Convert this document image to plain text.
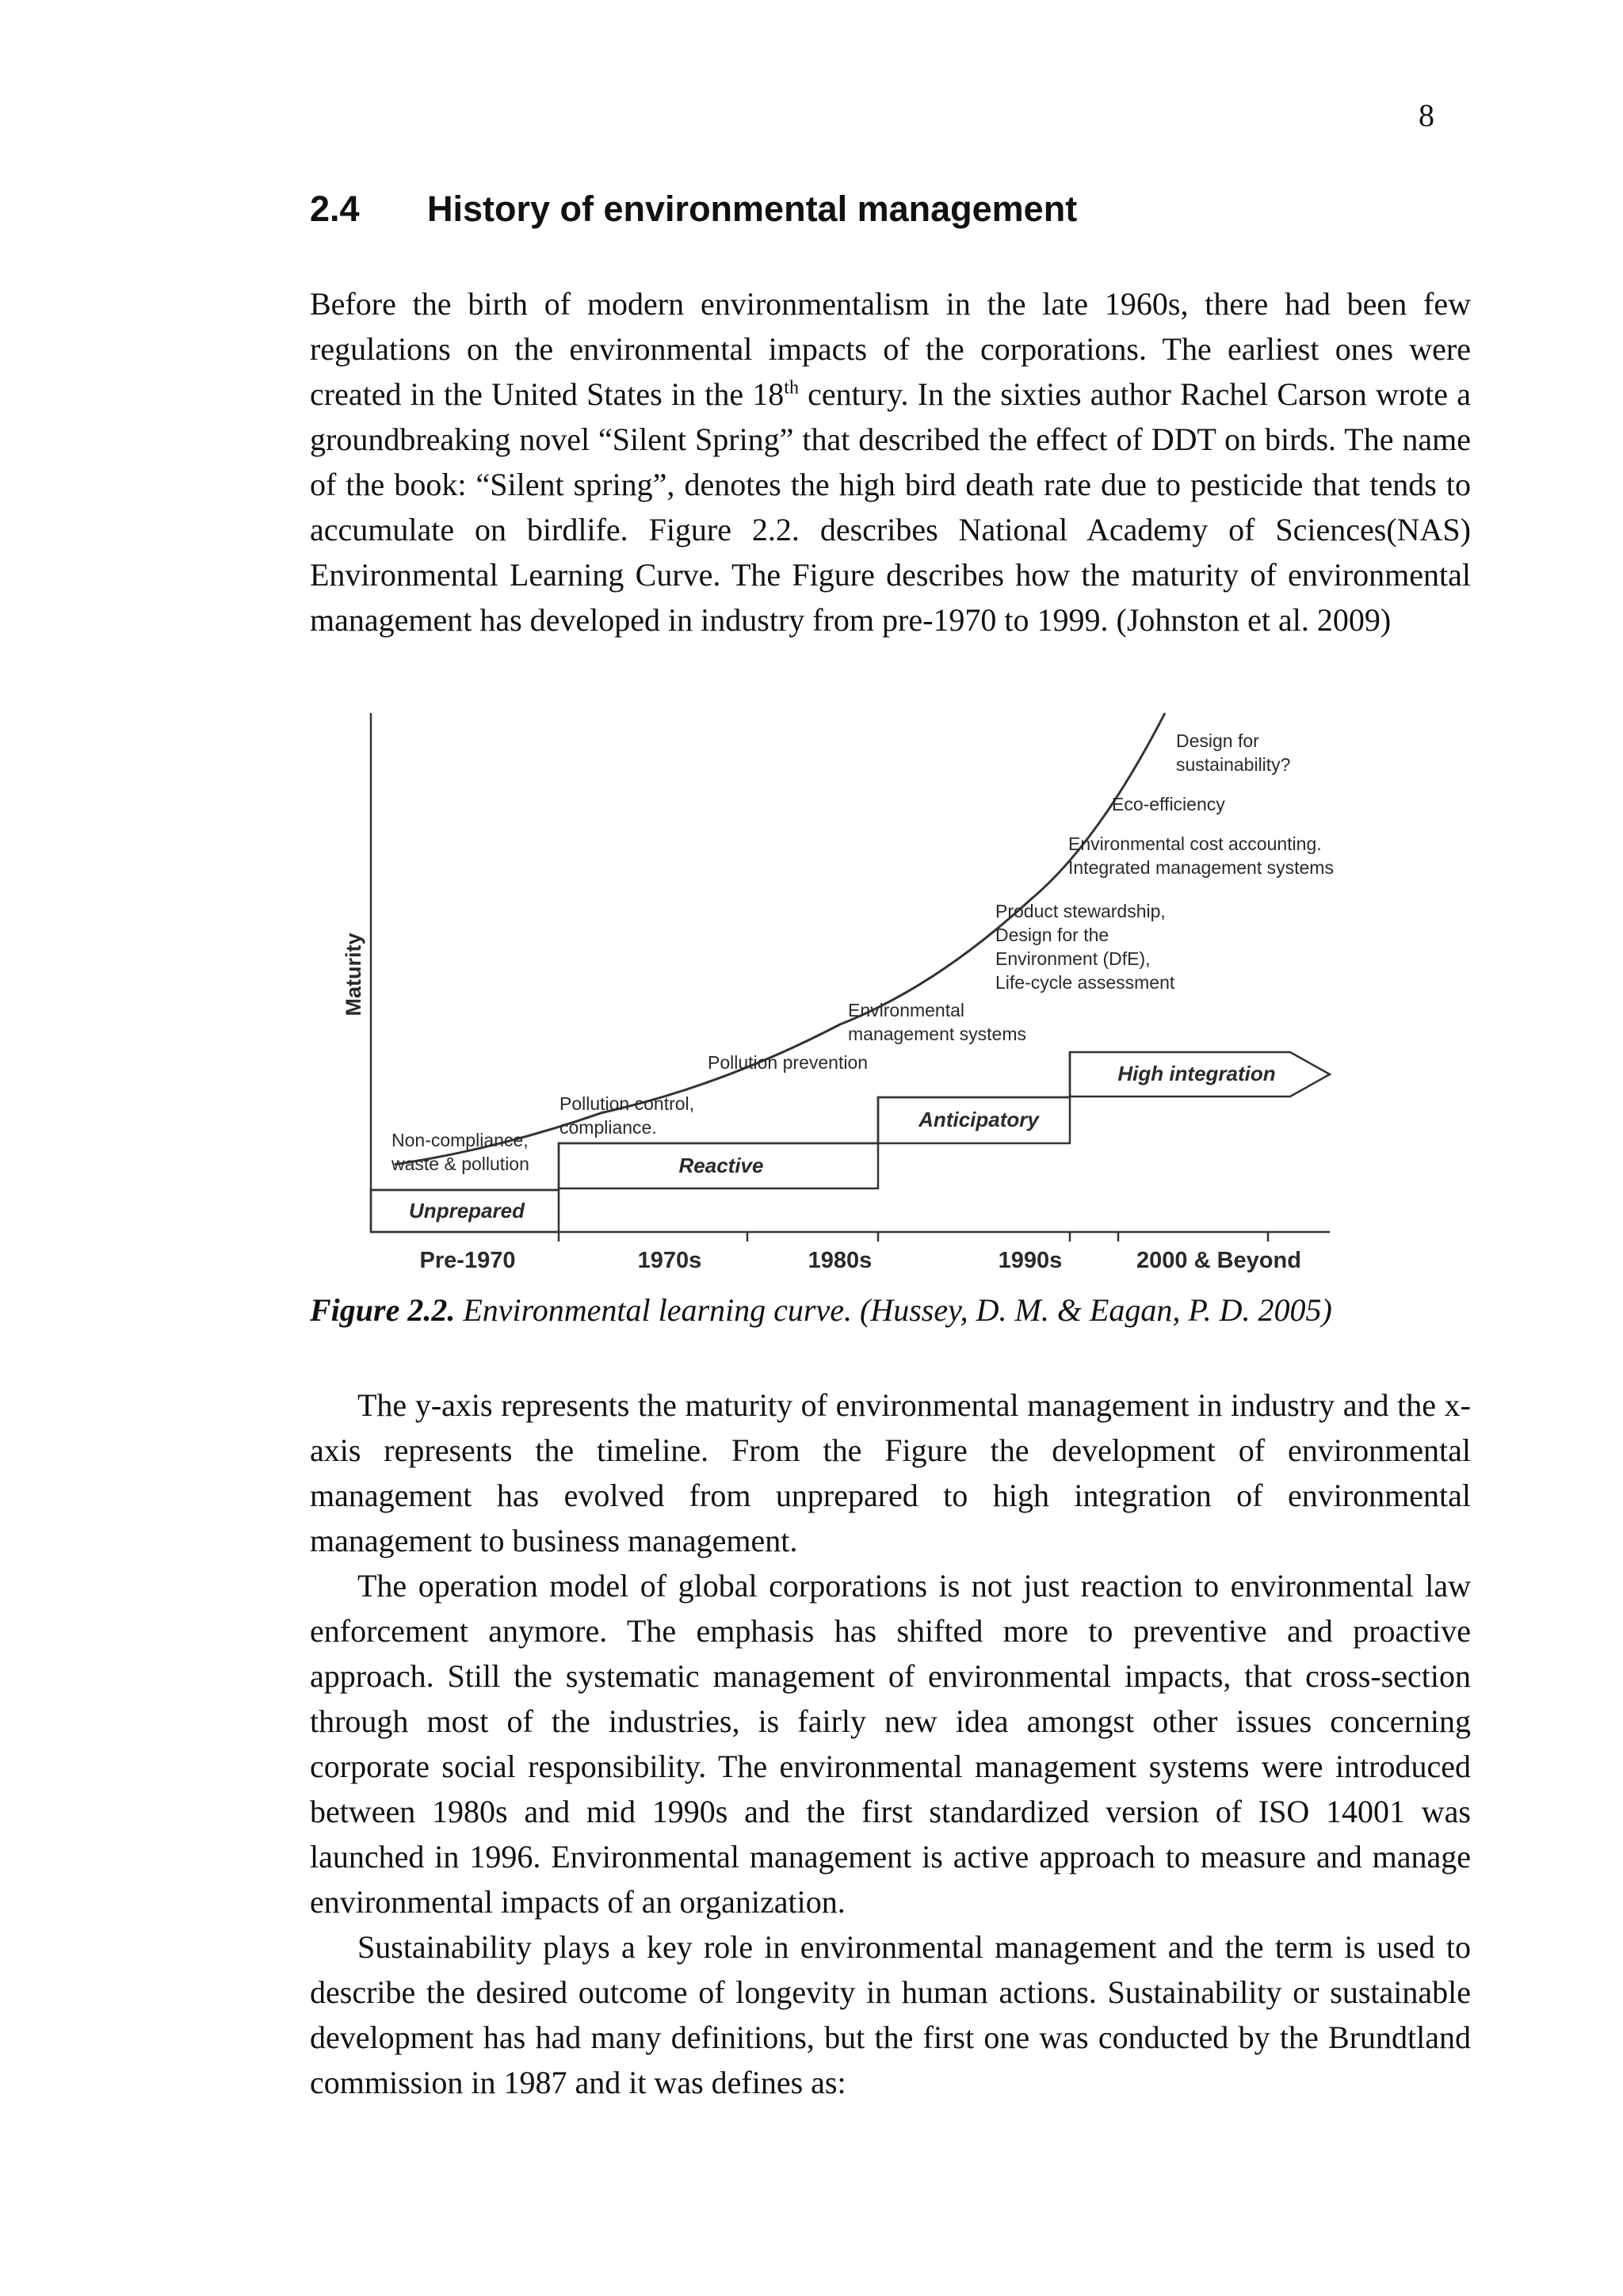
8
2.4 History of environmental management

Before the birth of modern environmentalism in the late 1960s, there had been few regulations on the environmental impacts of the corporations. The earliest ones were created in the United States in the 18th century. In the sixties author Rachel Carson wrote a groundbreaking novel “Silent Spring” that described the effect of DDT on birds. The name of the book: “Silent spring”, denotes the high bird death rate due to pesticide that tends to accumulate on birdlife. Figure 2.2. describes National Academy of Sciences(NAS) Environmental Learning Curve. The Figure describes how the maturity of environmental management has developed in industry from pre-1970 to 1999. (Johnston et al. 2009)

Maturity
Pre-1970	1970s	1980s	1990s	2000 & Beyond
Unprepared
Reactive
Anticipatory
High integration
Non-compliance,
waste & pollution
Pollution control,
compliance.
Pollution prevention
Environmental
management systems
Product stewardship,
Design for the
Environment (DfE),
Life-cycle assessment
Environmental cost accounting.
Integrated management systems
Eco-efficiency
Design for
sustainability?
Figure 2.2. Environmental learning curve. (Hussey, D. M. & Eagan, P. D. 2005)

The y-axis represents the maturity of environmental management in industry and the x-axis represents the timeline. From the Figure the development of environmental management has evolved from unprepared to high integration of environmental management to business management.

The operation model of global corporations is not just reaction to environmental law enforcement anymore. The emphasis has shifted more to preventive and proactive approach. Still the systematic management of environmental impacts, that cross-section through most of the industries, is fairly new idea amongst other issues concerning corporate social responsibility. The environmental management systems were introduced between 1980s and mid 1990s and the first standardized version of ISO 14001 was launched in 1996. Environmental management is active approach to measure and manage environmental impacts of an organization.

Sustainability plays a key role in environmental management and the term is used to describe the desired outcome of longevity in human actions. Sustainability or sustainable development has had many definitions, but the first one was conducted by the Brundtland commission in 1987 and it was defines as:
